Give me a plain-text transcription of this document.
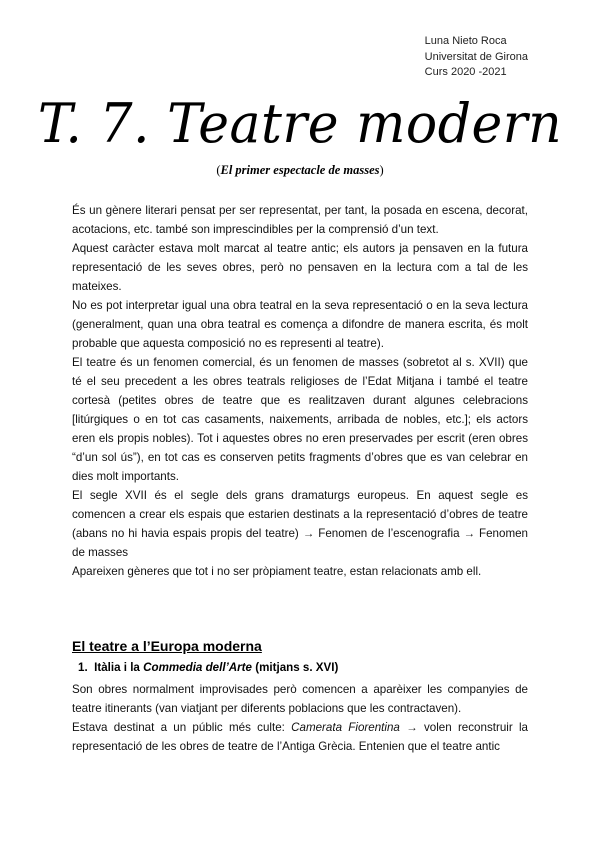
Luna Nieto Roca
Universitat de Girona
Curs 2020 -2021
T. 7. Teatre modern
(El primer espectacle de masses)

És un gènere literari pensat per ser representat, per tant, la posada en escena, decorat, acotacions, etc. també son imprescindibles per la comprensió d’un text.

Aquest caràcter estava molt marcat al teatre antic; els autors ja pensaven en la futura representació de les seves obres, però no pensaven en la lectura com a tal de les mateixes.

No es pot interpretar igual una obra teatral en la seva representació o en la seva lectura (generalment, quan una obra teatral es comença a difondre de manera escrita, és molt probable que aquesta composició no es representi al teatre).

El teatre és un fenomen comercial, és un fenomen de masses (sobretot al s. XVII) que té el seu precedent a les obres teatrals religioses de l’Edat Mitjana i també el teatre cortesà (petites obres de teatre que es realitzaven durant algunes celebracions [litúrgiques o en tot cas casaments, naixements, arribada de nobles, etc.]; els actors eren els propis nobles). Tot i aquestes obres no eren preservades per escrit (eren obres “d’un sol ús”), en tot cas es conserven petits fragments d’obres que es van celebrar en dies molt importants.

El segle XVII és el segle dels grans dramaturgs europeus. En aquest segle es comencen a crear els espais que estarien destinats a la representació d’obres de teatre (abans no hi havia espais propis del teatre) → Fenomen de l’escenografia → Fenomen de masses

Apareixen gèneres que tot i no ser pròpiament teatre, estan relacionats amb ell.

El teatre a l’Europa moderna
1. Itàlia i la Commedia dell’Arte (mitjans s. XVI)

Son obres normalment improvisades però comencen a aparèixer les companyies de teatre itinerants (van viatjant per diferents poblacions que les contractaven).

Estava destinat a un públic més culte: Camerata Fiorentina → volen reconstruir la representació de les obres de teatre de l’Antiga Grècia. Entenien que el teatre antic
